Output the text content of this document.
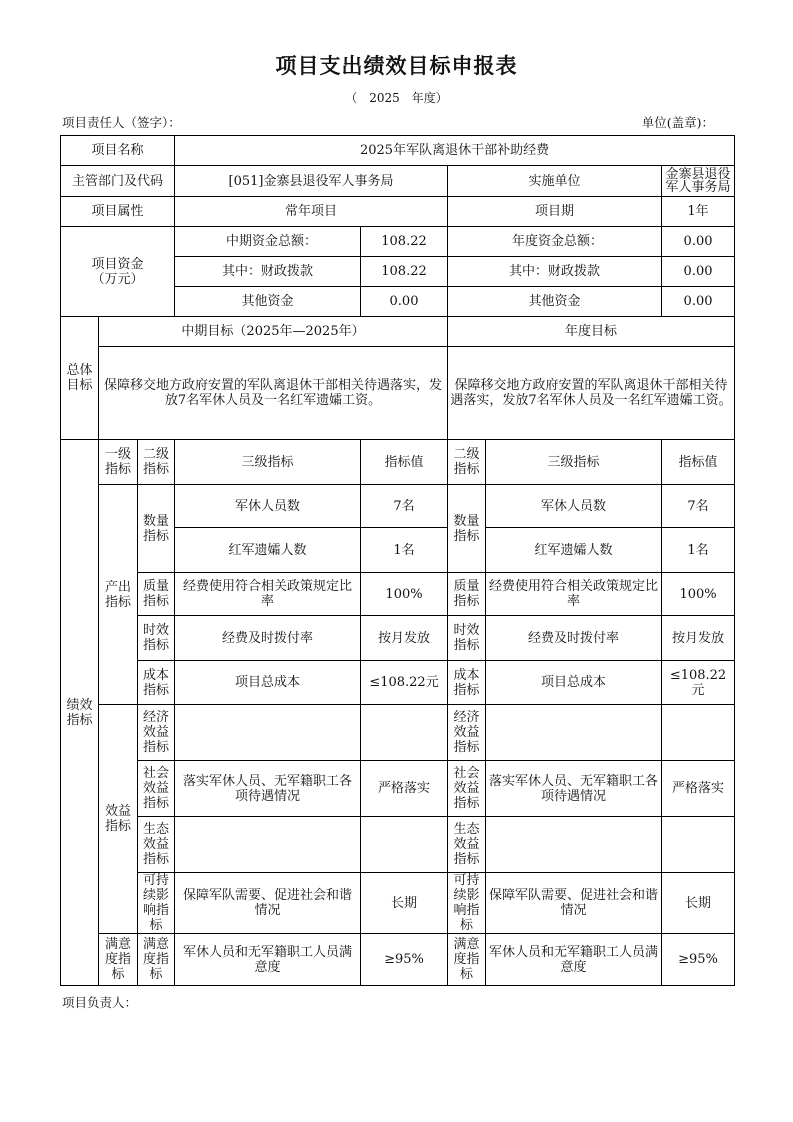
项目支出绩效目标申报表
（　2025　年度）
项目责任人（签字）：	单位(盖章)：
项目名称			2025年军队离退休干部补助经费				
主管部门及代码			[051]金寨县退役军人事务局		实施单位		金寨县退役军人事务局
项目属性			常年项目		项目期		1年
项目资金（万元）			中期资金总额：	108.22	年度资金总额：		0.00
			其中：财政拨款	108.22	其中：财政拨款		0.00
			其他资金	0.00	其他资金		0.00
总体目标	中期目标（2025年—2025年）				年度目标		
	保障移交地方政府安置的军队离退休干部相关待遇落实，发放7名军休人员及一名红军遗孀工资。				保障移交地方政府安置的军队离退休干部相关待遇落实，发放7名军休人员及一名红军遗孀工资。		
绩效指标	一级指标	二级指标	三级指标	指标值	二级指标	三级指标	指标值
	产出指标	数量指标	军休人员数	7名	数量指标	军休人员数	7名
			红军遗孀人数	1名		红军遗孀人数	1名
		质量指标	经费使用符合相关政策规定比率	100%	质量指标	经费使用符合相关政策规定比率	100%
		时效指标	经费及时拨付率	按月发放	时效指标	经费及时拨付率	按月发放
		成本指标	项目总成本	≤108.22元	成本指标	项目总成本	≤108.22元
	效益指标	经济效益指标			经济效益指标		
		社会效益指标	落实军休人员、无军籍职工各项待遇情况	严格落实	社会效益指标	落实军休人员、无军籍职工各项待遇情况	严格落实
		生态效益指标			生态效益指标		
		可持续影响指标	保障军队需要、促进社会和谐情况	长期	可持续影响指标	保障军队需要、促进社会和谐情况	长期
	满意度指标	满意度指标	军休人员和无军籍职工人员满意度	≥95%	满意度指标	军休人员和无军籍职工人员满意度	≥95%
项目负责人：
